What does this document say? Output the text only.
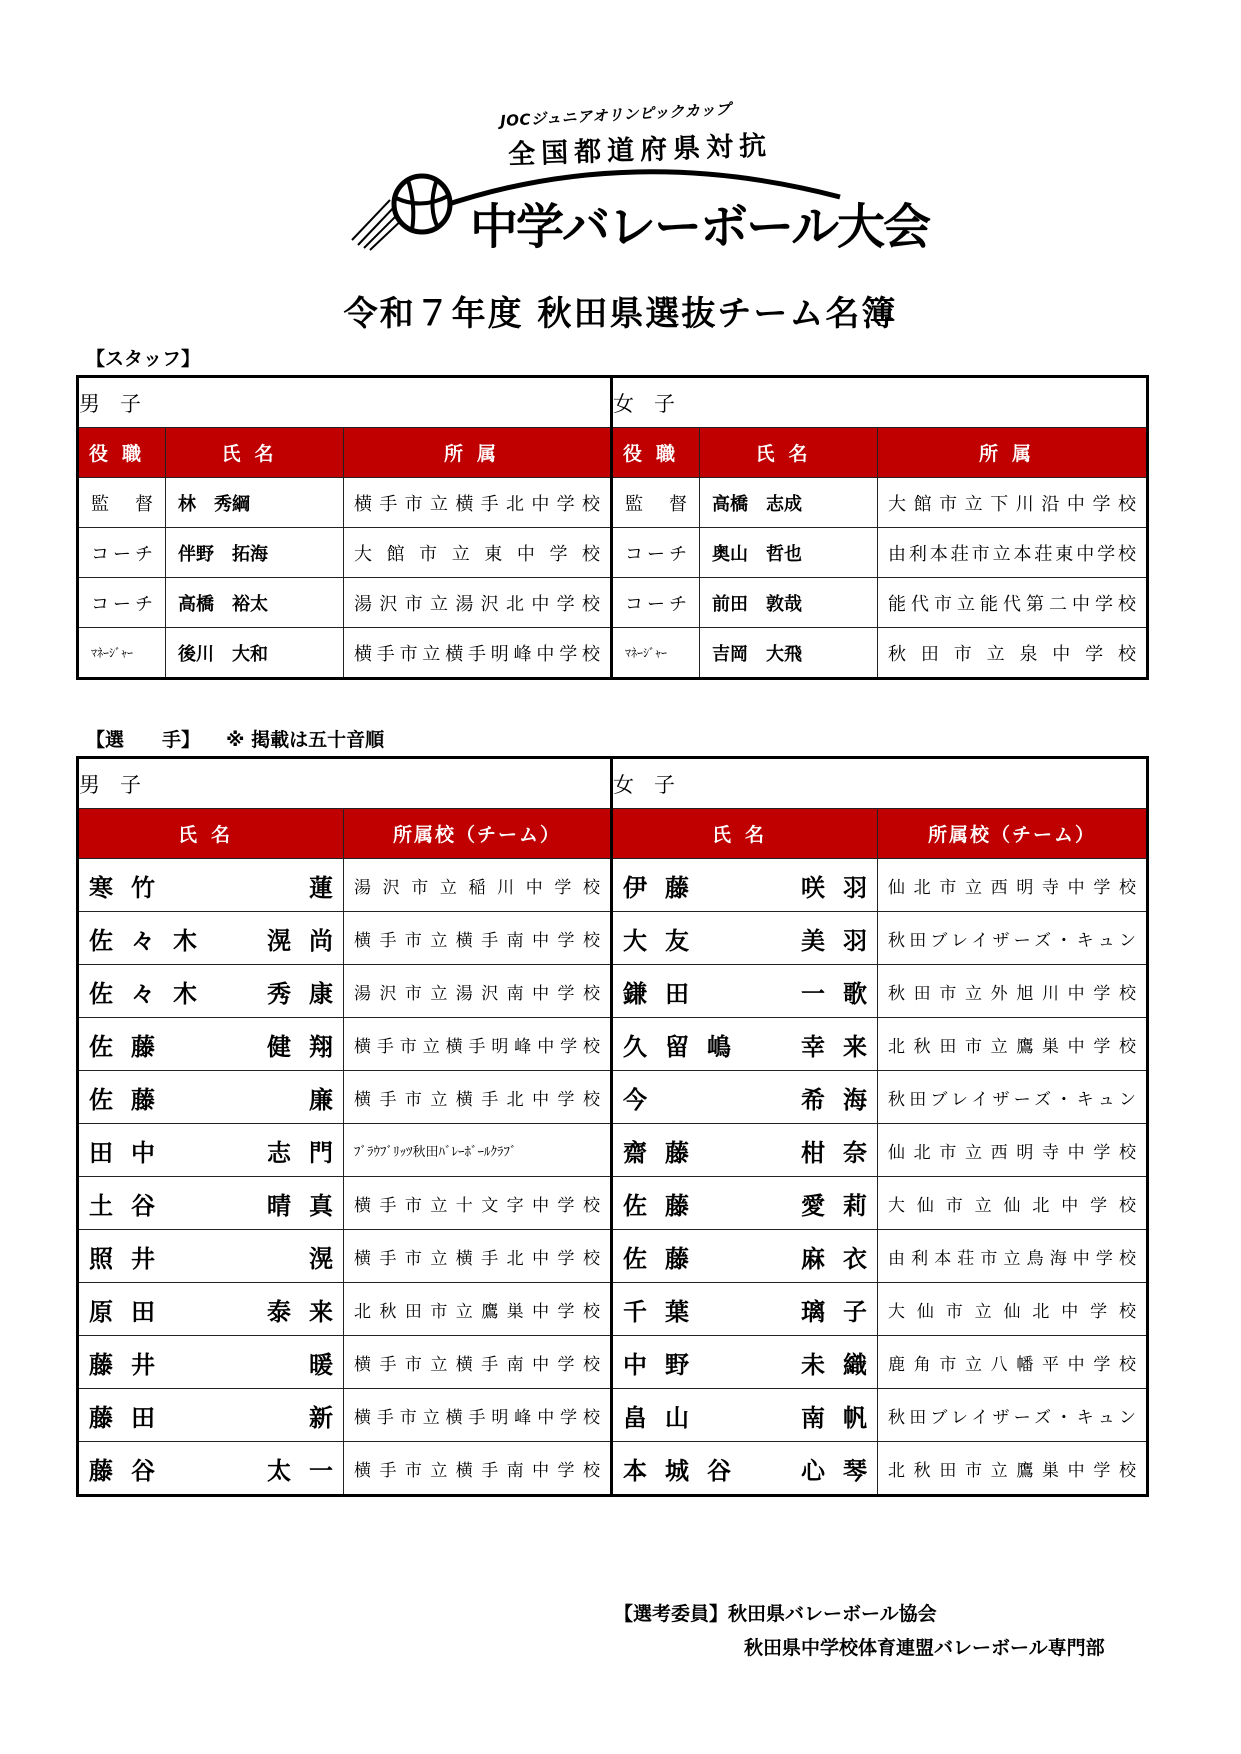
JOCジュニアオリンピックカップ
全国都道府県対抗
中学バレーボール大会
令和７年度 秋田県選抜チーム名簿
【スタッフ】
男子			女子		
役職	氏名	所属	役職	氏名	所属
監督	林　秀綱	横手市立横手北中学校	監督	高橋　志成	大館市立下川沿中学校
コーチ	伴野　拓海	大館市立東中学校	コーチ	奥山　哲也	由利本荘市立本荘東中学校
コーチ	高橋　裕太	湯沢市立湯沢北中学校	コーチ	前田　敦哉	能代市立能代第二中学校
ﾏﾈｰｼﾞｬｰ	後川　大和	横手市立横手明峰中学校	ﾏﾈｰｼﾞｬｰ	吉岡　大飛	秋田市立泉中学校
【選　　手】 ※ 掲載は五十音順
男子		女子	
氏名	所属校（チーム）	氏名	所属校（チーム）

寒竹 蓮	湯沢市立稲川中学校	伊藤 咲羽	仙北市立西明寺中学校

佐々木 滉尚	横手市立横手南中学校	大友 美羽	秋田ブレイザーズ・キュン

佐々木 秀康	湯沢市立湯沢南中学校	鎌田 一歌	秋田市立外旭川中学校

佐藤 健翔	横手市立横手明峰中学校	久留嶋 幸来	北秋田市立鷹巣中学校

佐藤 廉	横手市立横手北中学校	今 希海	秋田ブレイザーズ・キュン

田中 志門	ﾌﾞﾗｳﾌﾞﾘｯﾂ秋田ﾊﾞﾚｰﾎﾞｰﾙｸﾗﾌﾞ	齋藤 柑奈	仙北市立西明寺中学校

土谷 晴真	横手市立十文字中学校	佐藤 愛莉	大仙市立仙北中学校

照井 滉	横手市立横手北中学校	佐藤 麻衣	由利本荘市立鳥海中学校

原田 泰来	北秋田市立鷹巣中学校	千葉 璃子	大仙市立仙北中学校

藤井 暖	横手市立横手南中学校	中野 未織	鹿角市立八幡平中学校

藤田 新	横手市立横手明峰中学校	畠山 南帆	秋田ブレイザーズ・キュン

藤谷 太一	横手市立横手南中学校	本城谷 心琴	北秋田市立鷹巣中学校
【選考委員】秋田県バレーボール協会
秋田県中学校体育連盟バレーボール専門部
